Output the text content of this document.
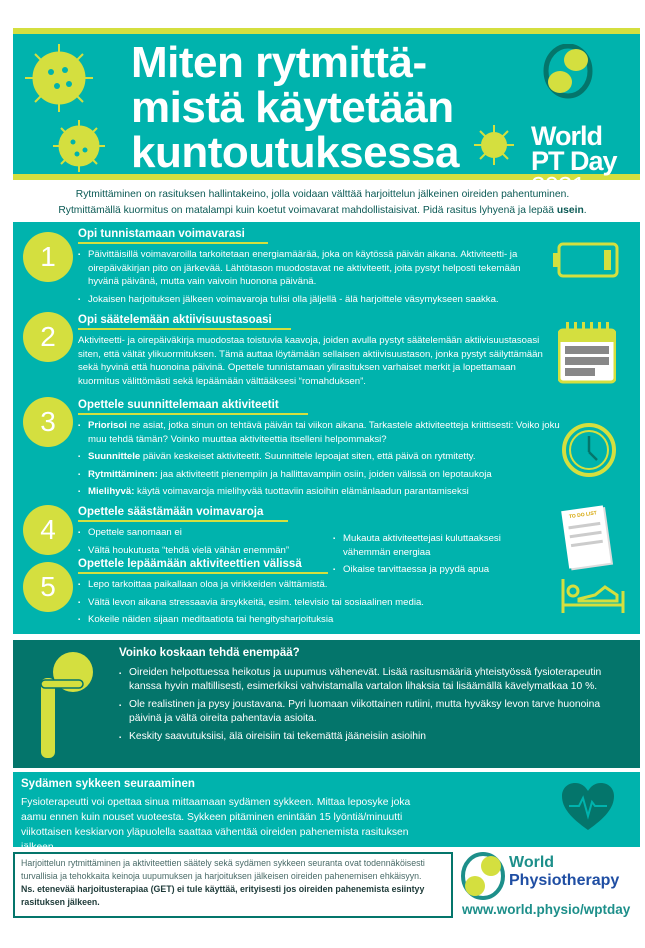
Miten rytmittä-
mistä käytetään
kuntoutuksessa	World
PT Day
2021
Rytmittäminen on rasituksen hallintakeino, jolla voidaan välttää harjoittelun jälkeinen oireiden pahentuminen.
Rytmittämällä kuormitus on matalampi kuin koetut voimavarat mahdollistaisivat. Pidä rasitus lyhyenä ja lepää usein.
1
Opi tunnistamaan voimavarasi
▪ Päivittäisillä voimavaroilla tarkoitetaan energiamäärää, joka on käytössä päivän aikana. Aktiviteetti- ja oirepäiväkirjan pito on järkevää. Lähtötason muodostavat ne aktiviteetit, joita pystyt helposti tekemään hyvänä päivänä, mutta vain vaivoin huonona päivänä.
▪ Jokaisen harjoituksen jälkeen voimavaroja tulisi olla jäljellä - älä harjoittele väsymykseen saakka.
2
Opi säätelemään aktiivisuustasoasi
Aktiviteetti- ja oirepäiväkirja muodostaa toistuvia kaavoja, joiden avulla pystyt säätelemään aktiivisuustasoasi siten, että vältät ylikuormituksen. Tämä auttaa löytämään sellaisen aktiivisuustason, jonka pystyt säilyttämään sekä hyvinä että huonoina päivinä. Opettele tunnistamaan ylirasituksen varhaiset merkit ja lopettamaan kuormitus välittömästi sekä lepäämään välttääksesi “romahduksen”.
3
Opettele suunnittelemaan aktiviteetit
▪ Priorisoi ne asiat, jotka sinun on tehtävä päivän tai viikon aikana. Tarkastele aktiviteetteja kriittisesti: Voiko joku muu tehdä tämän? Voinko muuttaa aktiviteettia itselleni helpommaksi?
▪ Suunnittele päivän keskeiset aktiviteetit. Suunnittele lepoajat siten, että päivä on rytmitetty.
▪ Rytmittäminen: jaa aktiviteetit pienempiin ja hallittavampiin osiin, joiden välissä on lepotaukoja
▪ Mielihyvä: käytä voimavaroja mielihyvää tuottaviin asioihin elämänlaadun parantamiseksi
4
Opettele säästämään voimavaroja
▪ Opettele sanomaan ei
▪ Vältä houkutusta “tehdä vielä vähän enemmän”
▪ Mukauta aktiviteettejasi kuluttaaksesi vähemmän energiaa
▪ Oikaise tarvittaessa ja pyydä apua
TO DO LIST
5
Opettele lepäämään aktiviteettien välissä
▪ Lepo tarkoittaa paikallaan oloa ja virikkeiden välttämistä.
▪ Vältä levon aikana stressaavia ärsykkeitä, esim. televisio tai sosiaalinen media.
▪ Kokeile näiden sijaan meditaatiota tai hengitysharjoituksia
Voinko koskaan tehdä enempää?
▪ Oireiden helpottuessa heikotus ja uupumus vähenevät. Lisää rasitusmääriä yhteistyössä fysioterapeutin kanssa hyvin maltillisesti, esimerkiksi vahvistamalla vartalon lihaksia tai lisäämällä kävelymatkaa 10 %.
▪ Ole realistinen ja pysy joustavana. Pyri luomaan viikottainen rutiini, mutta hyväksy levon tarve huonoina päivinä ja vältä oireita pahentavia asioita.
▪ Keskity saavutuksiisi, älä oireisiin tai tekemättä jääneisiin asioihin
Sydämen sykkeen seuraaminen
Fysioterapeutti voi opettaa sinua mittaamaan sydämen sykkeen. Mittaa leposyke joka aamu ennen kuin nouset vuoteesta. Sykkeen pitäminen enintään 15 lyöntiä/minuutti viikottaisen keskiarvon yläpuolella saattaa vähentää oireiden pahenemista rasituksen jälkeen.
Harjoittelun rytmittäminen ja aktiviteettien säätely sekä sydämen sykkeen seuranta ovat todennäköisesti turvallisia ja tehokkaita keinoja uupumuksen ja harjoituksen jälkeisen oireiden pahenemisen ehkäisyyn.
Ns. etenevää harjoitusterapiaa (GET) ei tule käyttää, erityisesti jos oireiden pahenemista esiintyy rasituksen jälkeen.
World
Physiotherapy
www.world.physio/wptday
